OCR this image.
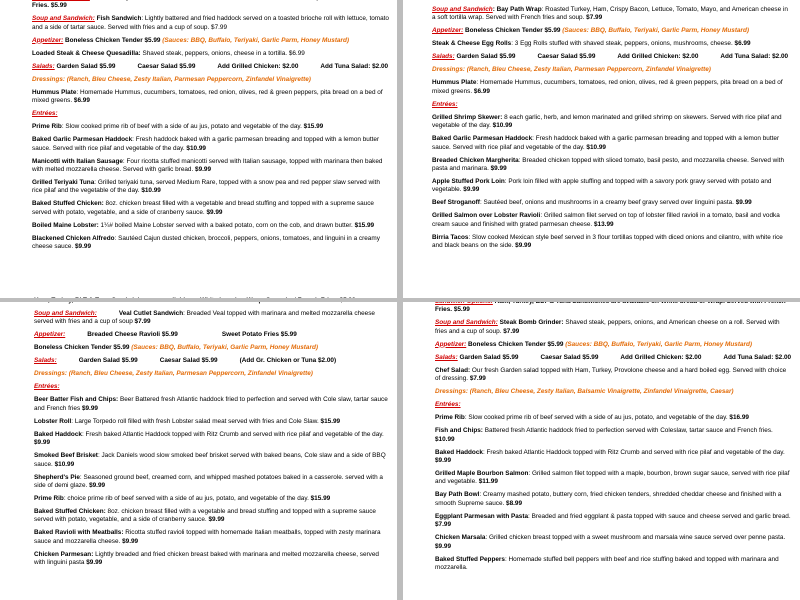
Fries. $5.99
Soup and Sandwich: Fish Sandwich: Lightly battered and fried haddock served on a toasted brioche roll with lettuce, tomato and a side of tartar sauce. Served with fries and a cup of soup. $7.99
Appetizer: Boneless Chicken Tender $5.99 (Sauces: BBQ, Buffalo, Teriyaki, Garlic Parm, Honey Mustard)
Loaded Steak & Cheese Quesadilla: Shaved steak, peppers, onions, cheese in a tortilla. $6.99
Salads: Garden Salad $5.99	Caesar Salad $5.99	Add Grilled Chicken: $2.00	Add Tuna Salad: $2.00
Dressings: (Ranch, Bleu Cheese, Zesty Italian, Parmesan Peppercorn, Zinfandel Vinaigrette)
Hummus Plate: Homemade Hummus, cucumbers, tomatoes, red onion, olives, red & green peppers, pita bread on a bed of mixed greens. $6.99
Entrées:
Prime Rib: Slow cooked prime rib of beef with a side of au jus, potato and vegetable of the day. $15.99
Baked Garlic Parmesan Haddock: Fresh haddock baked with a garlic parmesan breading and topped with a lemon butter sauce. Served with rice pilaf and vegetable of the day. $10.99
Manicotti with Italian Sausage: Four ricotta stuffed manicotti served with Italian sausage, topped with marinara then baked with melted mozzarella cheese. Served with garlic bread. $9.99
Grilled Teriyaki Tuna: Grilled teriyaki tuna, served Medium Rare, topped with a snow pea and red pepper slaw served with rice pilaf and the vegetable of the day. $10.99
Baked Stuffed Chicken: 8oz. chicken breast filled with a vegetable and bread stuffing and topped with a supreme sauce served with potato, vegetable, and a side of cranberry sauce. $9.99
Boiled Maine Lobster: 1¼# boiled Maine Lobster served with a baked potato, corn on the cob, and drawn butter. $15.99
Blackened Chicken Alfredo: Sautéed Cajun dusted chicken, broccoli, peppers, onions, tomatoes, and linguini in a creamy cheese sauce. $9.99
Soup and Sandwich: Bay Path Wrap: Roasted Turkey, Ham, Crispy Bacon, Lettuce, Tomato, Mayo, and American cheese in a soft tortilla wrap. Served with French fries and soup. $7.99
Appetizer: Boneless Chicken Tender $5.99 (Sauces: BBQ, Buffalo, Teriyaki, Garlic Parm, Honey Mustard)
Steak & Cheese Egg Rolls: 3 Egg Rolls stuffed with shaved steak, peppers, onions, mushrooms, cheese. $6.99
Salads: Garden Salad $5.99	Caesar Salad $5.99	Add Grilled Chicken: $2.00	Add Tuna Salad: $2.00
Dressings: (Ranch, Bleu Cheese, Zesty Italian, Parmesan Peppercorn, Zinfandel Vinaigrette)
Hummus Plate: Homemade Hummus, cucumbers, tomatoes, red onion, olives, red & green peppers, pita bread on a bed of mixed greens. $6.99
Entrées:
Grilled Shrimp Skewer: 8 each garlic, herb, and lemon marinated and grilled shrimp on skewers. Served with rice pilaf and vegetable of the day. $10.99
Baked Garlic Parmesan Haddock: Fresh haddock baked with a garlic parmesan breading and topped with a lemon butter sauce. Served with rice pilaf and vegetable of the day. $10.99
Breaded Chicken Margherita: Breaded chicken topped with sliced tomato, basil pesto, and mozzarella cheese. Served with pasta and marinara. $9.99
Apple Stuffed Pork Loin: Pork loin filled with apple stuffing and topped with a savory pork gravy served with potato and vegetable. $9.99
Beef Stroganoff: Sautéed beef, onions and mushrooms in a creamy beef gravy served over linguini pasta. $9.99
Grilled Salmon over Lobster Ravioli: Grilled salmon filet served on top of lobster filled ravioli in a tomato, basil and vodka cream sauce and finished with grated parmesan cheese. $13.99
Birria Tacos: Slow cooked Mexican style beef served in 3 flour tortillas topped with diced onions and cilantro, with white rice and black beans on the side. $9.99
Soup and Sandwich:	Veal Cutlet Sandwich: Breaded Veal topped with marinara and melted mozzarella cheese served with fries and a cup of soup $7.99
Appetizer:	Breaded Cheese Ravioli $5.99	Sweet Potato Fries $5.99
Boneless Chicken Tender $5.99 (Sauces: BBQ, Buffalo, Teriyaki, Garlic Parm, Honey Mustard)
Salads:	Garden Salad $5.99	Caesar Salad $5.99	(Add Gr. Chicken or Tuna $2.00)
Dressings: (Ranch, Bleu Cheese, Zesty Italian, Parmesan Peppercorn, Zinfandel Vinaigrette)
Entrées:
Beer Batter Fish and Chips: Beer Battered fresh Atlantic haddock fried to perfection and served with Cole slaw, tartar sauce and French fries $9.99
Lobster Roll: Large Torpedo roll filled with fresh Lobster salad meat served with fries and Cole Slaw. $15.99
Baked Haddock: Fresh baked Atlantic Haddock topped with Ritz Crumb and served with rice pilaf and vegetable of the day. $9.99
Smoked Beef Brisket: Jack Daniels wood slow smoked beef brisket served with baked beans, Cole slaw and a side of BBQ sauce. $10.99
Shepherd's Pie: Seasoned ground beef, creamed corn, and whipped mashed potatoes baked in a casserole. served with a side of demi glaze. $9.99
Prime Rib: choice prime rib of beef served with a side of au jus, potato, and vegetable of the day. $15.99
Baked Stuffed Chicken: 8oz. chicken breast filled with a vegetable and bread stuffing and topped with a supreme sauce served with potato, vegetable, and a side of cranberry sauce. $9.99
Baked Ravioli with Meatballs: Ricotta stuffed ravioli topped with homemade Italian meatballs, topped with zesty marinara sauce and mozzarella cheese. $9.99
Chicken Parmesan: Lightly breaded and fried chicken breast baked with marinara and melted mozzarella cheese, served with linguini pasta $9.99
Fries. $5.99
Soup and Sandwich: Steak Bomb Grinder: Shaved steak, peppers, onions, and American cheese on a roll. Served with fries and a cup of soup. $7.99
Appetizer: Boneless Chicken Tender $5.99 (Sauces: BBQ, Buffalo, Teriyaki, Garlic Parm, Honey Mustard)
Salads: Garden Salad $5.99	Caesar Salad $5.99	Add Grilled Chicken: $2.00	Add Tuna Salad: $2.00
Chef Salad: Our fresh Garden salad topped with Ham, Turkey, Provolone cheese and a hard boiled egg. Served with choice of dressing. $7.99
Dressings: (Ranch, Bleu Cheese, Zesty Italian, Balsamic Vinaigrette, Zinfandel Vinaigrette, Caesar)
Entrées:
Prime Rib: Slow cooked prime rib of beef served with a side of au jus, potato, and vegetable of the day. $16.99
Fish and Chips: Battered fresh Atlantic haddock fried to perfection served with Coleslaw, tartar sauce and French fries. $10.99
Baked Haddock: Fresh baked Atlantic Haddock topped with Ritz Crumb and served with rice pilaf and vegetable of the day. $9.99
Grilled Maple Bourbon Salmon: Grilled salmon filet topped with a maple, bourbon, brown sugar sauce, served with rice pilaf and vegetable. $11.99
Bay Path Bowl: Creamy mashed potato, buttery corn, fried chicken tenders, shredded cheddar cheese and finished with a smooth Supreme sauce. $8.99
Eggplant Parmesan with Pasta: Breaded and fried eggplant & pasta topped with sauce and cheese served and garlic bread. $7.99
Chicken Marsala: Grilled chicken breast topped with a sweet mushroom and marsala wine sauce served over penne pasta. $9.99
Baked Stuffed Peppers: Homemade stuffed bell peppers with beef and rice stuffing baked and topped with marinara and mozzarella.
